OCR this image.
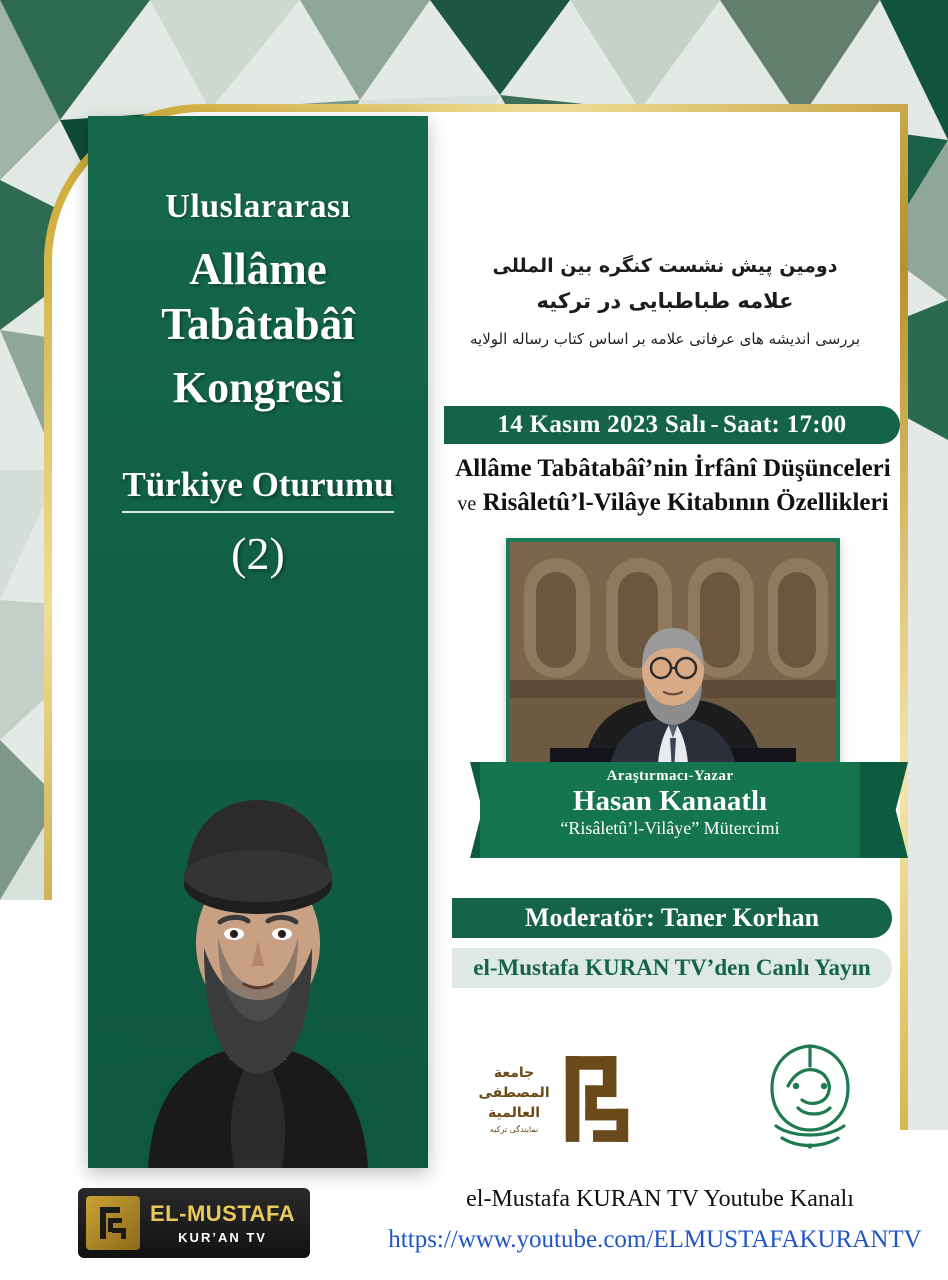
Uluslararası
Allâme Tabâtabâî
Kongresi
Türkiye Oturumu
(2)
دومین پیش نشست کنگره بین المللی
علامه طباطبایی در ترکیه
بررسی اندیشه های عرفانی علامه بر اساس کتاب رساله الولایه
14 Kasım 2023 Salı - Saat: 17:00
Allâme Tabâtabâî’nin İrfânî Düşünceleri
ve Risâletû’l-Vilâye Kitabının Özellikleri
Araştırmacı-Yazar
Hasan Kanaatlı
“Risâletû’l-Vilâye” Mütercimi
Moderatör: Taner Korhan
el-Mustafa KURAN TV’den Canlı Yayın
جامعة
المصطفى
العالمية
نمایندگی ترکیه
EL-MUSTAFA
KUR’AN TV
el-Mustafa KURAN TV Youtube Kanalı
https://www.youtube.com/ELMUSTAFAKURANTV
